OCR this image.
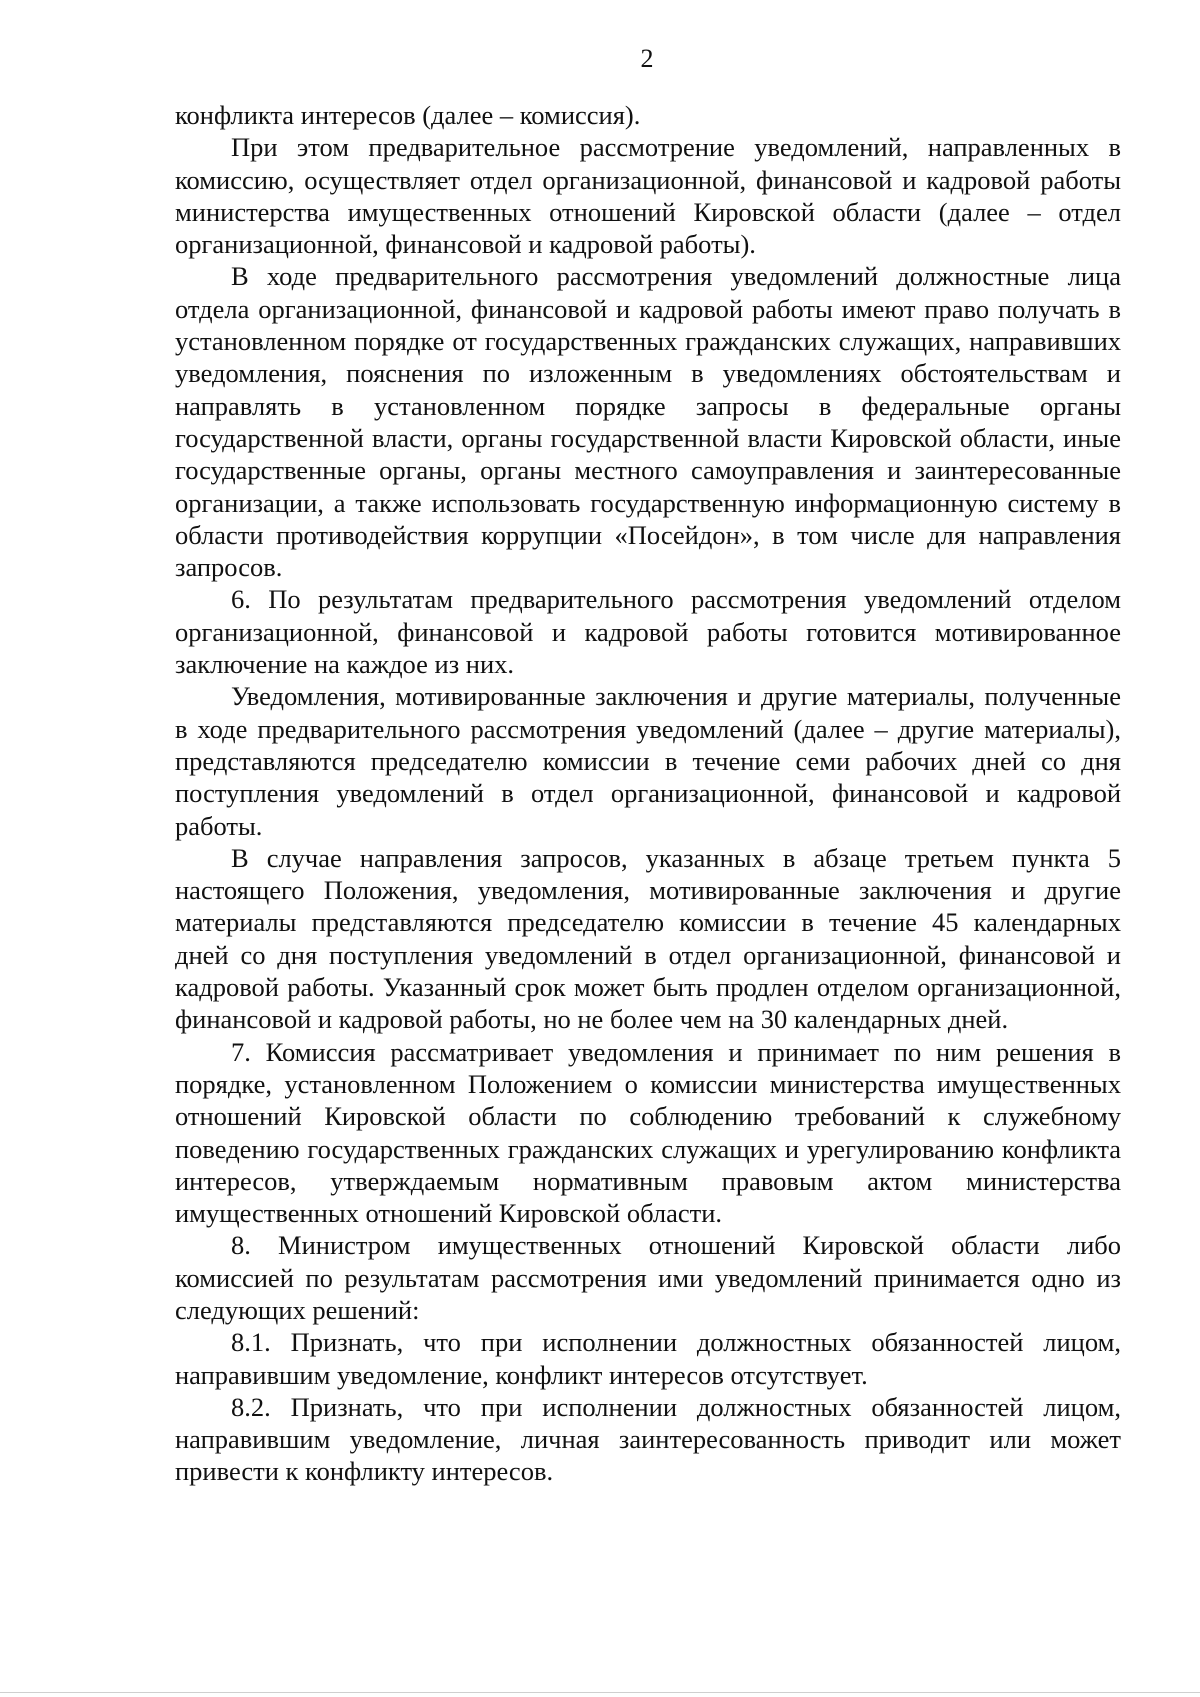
2

конфликта интересов (далее – комиссия).

При этом предварительное рассмотрение уведомлений, направленных в комиссию, осуществляет отдел организационной, финансовой и кадровой работы министерства имущественных отношений Кировской области (далее – отдел организационной, финансовой и кадровой работы).

В ходе предварительного рассмотрения уведомлений должностные лица отдела организационной, финансовой и кадровой работы имеют право получать в установленном порядке от государственных гражданских служащих, направивших уведомления, пояснения по изложенным в уведомлениях обстоятельствам и направлять в установленном порядке запросы в федеральные органы государственной власти, органы государственной власти Кировской области, иные государственные органы, органы местного самоуправления и заинтересованные организации, а также использовать государственную информационную систему в области противодействия коррупции «Посейдон», в том числе для направления запросов.

6. По результатам предварительного рассмотрения уведомлений отделом организационной, финансовой и кадровой работы готовится мотивированное заключение на каждое из них.

Уведомления, мотивированные заключения и другие материалы, полученные в ходе предварительного рассмотрения уведомлений (далее – другие материалы), представляются председателю комиссии в течение семи рабочих дней со дня поступления уведомлений в отдел организационной, финансовой и кадровой работы.

В случае направления запросов, указанных в абзаце третьем пункта 5 настоящего Положения, уведомления, мотивированные заключения и другие материалы представляются председателю комиссии в течение 45 календарных дней со дня поступления уведомлений в отдел организационной, финансовой и кадровой работы. Указанный срок может быть продлен отделом организационной, финансовой и кадровой работы, но не более чем на 30 календарных дней.

7. Комиссия рассматривает уведомления и принимает по ним решения в порядке, установленном Положением о комиссии министерства имущественных отношений Кировской области по соблюдению требований к служебному поведению государственных гражданских служащих и урегулированию конфликта интересов, утверждаемым нормативным правовым актом министерства имущественных отношений Кировской области.

8. Министром имущественных отношений Кировской области либо комиссией по результатам рассмотрения ими уведомлений принимается одно из следующих решений:

8.1. Признать, что при исполнении должностных обязанностей лицом, направившим уведомление, конфликт интересов отсутствует.

8.2. Признать, что при исполнении должностных обязанностей лицом, направившим уведомление, личная заинтересованность приводит или может привести к конфликту интересов.
